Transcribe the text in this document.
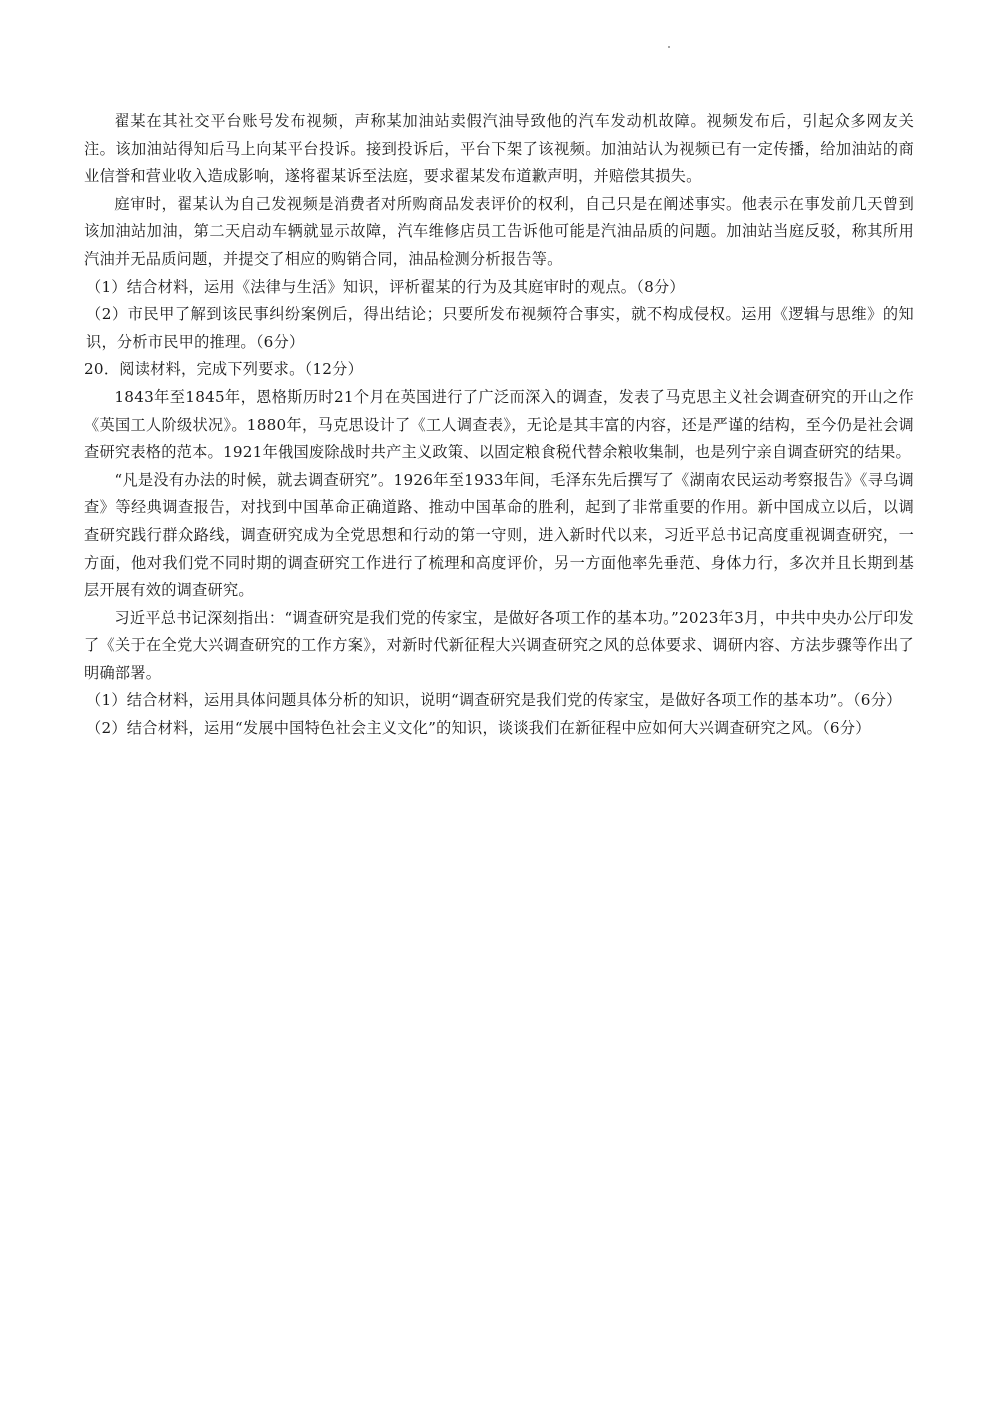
翟某在其社交平台账号发布视频，声称某加油站卖假汽油导致他的汽车发动机故障。视频发布后，引起众多网友关注。该加油站得知后马上向某平台投诉。接到投诉后，平台下架了该视频。加油站认为视频已有一定传播，给加油站的商业信誉和营业收入造成影响，遂将翟某诉至法庭，要求翟某发布道歉声明，并赔偿其损失。

庭审时，翟某认为自己发视频是消费者对所购商品发表评价的权利，自己只是在阐述事实。他表示在事发前几天曾到该加油站加油，第二天启动车辆就显示故障，汽车维修店员工告诉他可能是汽油品质的问题。加油站当庭反驳，称其所用汽油并无品质问题，并提交了相应的购销合同，油品检测分析报告等。

（1）结合材料，运用《法律与生活》知识，评析翟某的行为及其庭审时的观点。（8分）

（2）市民甲了解到该民事纠纷案例后，得出结论；只要所发布视频符合事实，就不构成侵权。运用《逻辑与思维》的知识，分析市民甲的推理。（6分）

20．阅读材料，完成下列要求。（12分）

1843年至1845年，恩格斯历时21个月在英国进行了广泛而深入的调查，发表了马克思主义社会调查研究的开山之作《英国工人阶级状况》。1880年，马克思设计了《工人调查表》，无论是其丰富的内容，还是严谨的结构，至今仍是社会调查研究表格的范本。1921年俄国废除战时共产主义政策、以固定粮食税代替余粮收集制，也是列宁亲自调查研究的结果。

“凡是没有办法的时候，就去调查研究”。1926年至1933年间，毛泽东先后撰写了《湖南农民运动考察报告》《寻乌调查》等经典调查报告，对找到中国革命正确道路、推动中国革命的胜利，起到了非常重要的作用。新中国成立以后，以调查研究践行群众路线，调查研究成为全党思想和行动的第一守则，进入新时代以来，习近平总书记高度重视调查研究，一方面，他对我们党不同时期的调查研究工作进行了梳理和高度评价，另一方面他率先垂范、身体力行，多次并且长期到基层开展有效的调查研究。

习近平总书记深刻指出：“调查研究是我们党的传家宝，是做好各项工作的基本功。”2023年3月，中共中央办公厅印发了《关于在全党大兴调查研究的工作方案》，对新时代新征程大兴调查研究之风的总体要求、调研内容、方法步骤等作出了明确部署。

（1）结合材料，运用具体问题具体分析的知识，说明“调查研究是我们党的传家宝，是做好各项工作的基本功”。（6分）

（2）结合材料，运用“发展中国特色社会主义文化”的知识，谈谈我们在新征程中应如何大兴调查研究之风。（6分）
